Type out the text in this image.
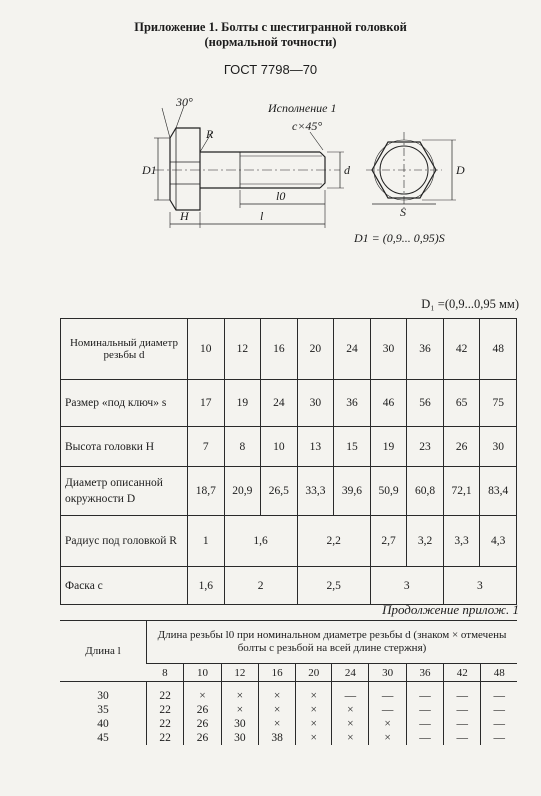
Приложение 1. Болты с шестигранной головкой
(нормальной точности)
ГОСТ 7798—70
Исполнение 1
30°
c×45°
R
D1	d
l0
l
H	S
D
D1 = (0,9... 0,95)S
D₁ =(0,9...0,95 мм)
Номинальный диаметр резьбы d	10	12	16	20	24	30	36	42	48
Размер «под ключ» s	17	19	24	30	36	46	56	65	75
Высота головки H	7	8	10	13	15	19	23	26	30
Диаметр описанной окружности D	18,7	20,9	26,5	33,3	39,6	50,9	60,8	72,1	83,4
Радиус под головкой R	1	1,6		2,2		2,7	3,2	3,3	4,3
Фаска c	1,6	2		2,5		3		3	
Продолжение прилож. 1
Длина l	Длина резьбы l0 при номинальном диаметре резьбы d (знаком × отмечены болты с резьбой на всей длине стержня)									
	8	10	12	16	20	24	30	36	42	48

30	22	×	×	×	×	—	—	—	—	—
35	22	26	×	×	×	×	—	—	—	—
40	22	26	30	×	×	×	×	—	—	—
45	22	26	30	38	×	×	×	—	—	—
